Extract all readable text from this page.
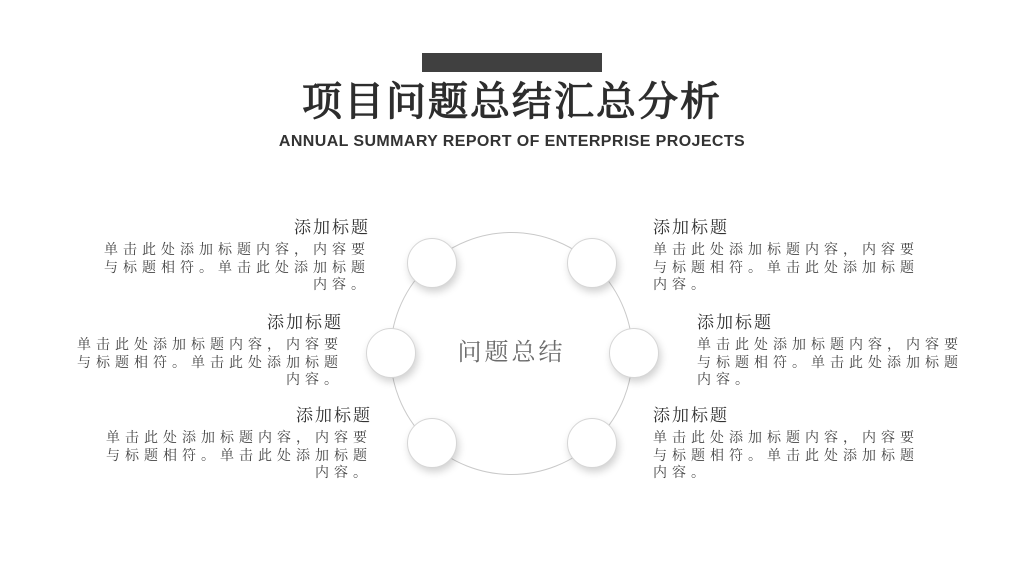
项目问题总结汇总分析
ANNUAL SUMMARY REPORT OF ENTERPRISE PROJECTS
问题总结
添加标题
单击此处添加标题内容，内容要
与标题相符。单击此处添加标题
内容。
添加标题
单击此处添加标题内容，内容要
与标题相符。单击此处添加标题
内容。
添加标题
单击此处添加标题内容，内容要
与标题相符。单击此处添加标题
内容。
添加标题
单击此处添加标题内容，内容要
与标题相符。单击此处添加标题
内容。
添加标题
单击此处添加标题内容，内容要
与标题相符。单击此处添加标题
内容。
添加标题
单击此处添加标题内容，内容要
与标题相符。单击此处添加标题
内容。
